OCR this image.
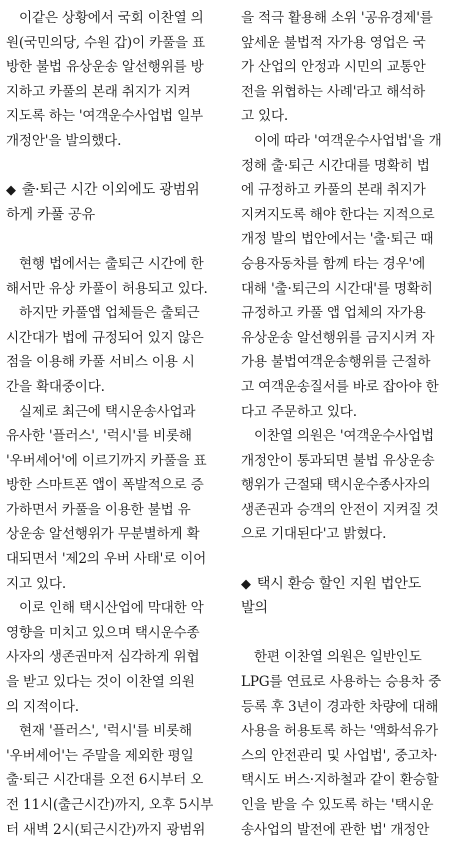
이같은 상황에서 국회 이찬열 의
원(국민의당, 수원 갑)이 카풀을 표
방한 불법 유상운송 알선행위를 방
지하고 카풀의 본래 취지가 지켜
지도록 하는 '여객운수사업법 일부
개정안'을 발의했다.
◆ 출·퇴근 시간 이외에도 광범위
하게 카풀 공유
현행 법에서는 출퇴근 시간에 한
해서만 유상 카풀이 허용되고 있다.
하지만 카풀앱 업체들은 출퇴근
시간대가 법에 규정되어 있지 않은
점을 이용해 카풀 서비스 이용 시
간을 확대중이다.
실제로 최근에 택시운송사업과
유사한 '플러스', '럭시'를 비롯해
'우버셰어'에 이르기까지 카풀을 표
방한 스마트폰 앱이 폭발적으로 증
가하면서 카풀을 이용한 불법 유
상운송 알선행위가 무분별하게 확
대되면서 '제2의 우버 사태'로 이어
지고 있다.
이로 인해 택시산업에 막대한 악
영향을 미치고 있으며 택시운수종
사자의 생존권마저 심각하게 위협
을 받고 있다는 것이 이찬열 의원
의 지적이다.
현재 '플러스', '럭시'를 비롯해
'우버셰어'는 주말을 제외한 평일
출·퇴근 시간대를 오전 6시부터 오
전 11시(출근시간)까지, 오후 5시부
터 새벽 2시(퇴근시간)까지 광범위
을 적극 활용해 소위 '공유경제'를
앞세운 불법적 자가용 영업은 국
가 산업의 안정과 시민의 교통안
전을 위협하는 사례'라고 해석하
고 있다.
이에 따라 '여객운수사업법'을 개
정해 출·퇴근 시간대를 명확히 법
에 규정하고 카풀의 본래 취지가
지켜지도록 해야 한다는 지적으로
개정 발의 법안에서는 '출·퇴근 때
승용자동차를 함께 타는 경우'에
대해 '출·퇴근의 시간대'를 명확히
규정하고 카풀 앱 업체의 자가용
유상운송 알선행위를 금지시켜 자
가용 불법여객운송행위를 근절하
고 여객운송질서를 바로 잡아야 한
다고 주문하고 있다.
이찬열 의원은 '여객운수사업법
개정안이 통과되면 불법 유상운송
행위가 근절돼 택시운수종사자의
생존권과 승객의 안전이 지켜질 것
으로 기대된다'고 밝혔다.
◆ 택시 환승 할인 지원 법안도
발의
한편 이찬열 의원은 일반인도
LPG를 연료로 사용하는 승용차 중
등록 후 3년이 경과한 차량에 대해
사용을 허용토록 하는 '액화석유가
스의 안전관리 및 사업법', 중고차·
택시도 버스·지하철과 같이 환승할
인을 받을 수 있도록 하는 '택시운
송사업의 발전에 관한 법' 개정안
